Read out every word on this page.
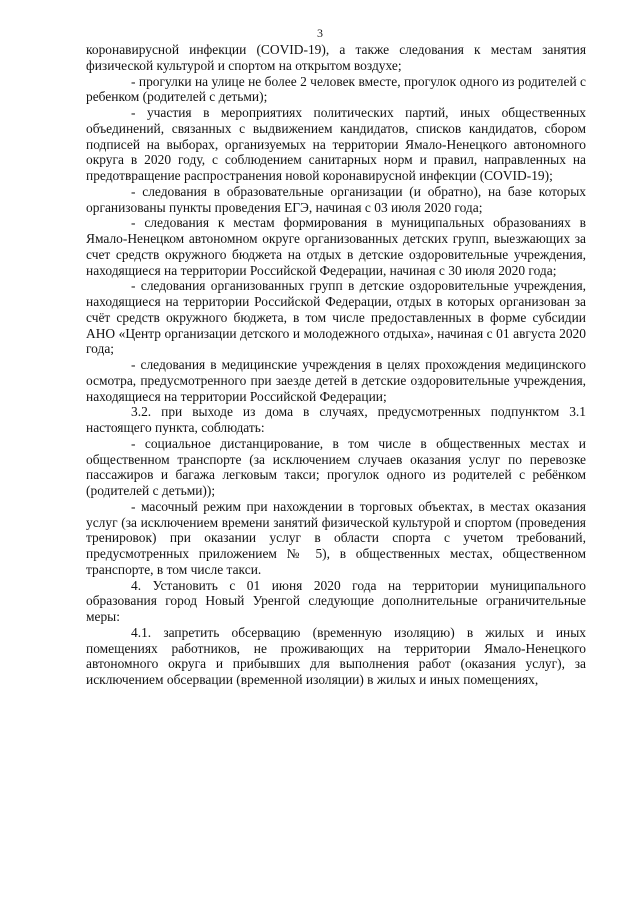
3

коронавирусной инфекции (COVID-19), а также следования к местам занятия физической культурой и спортом на открытом воздухе;

- прогулки на улице не более 2 человек вместе, прогулок одного из родителей с ребенком (родителей с детьми);

- участия в мероприятиях политических партий, иных общественных объединений, связанных с выдвижением кандидатов, списков кандидатов, сбором подписей на выборах, организуемых на территории Ямало-Ненецкого автономного округа в 2020 году, с соблюдением санитарных норм и правил, направленных на предотвращение распространения новой коронавирусной инфекции (COVID-19);

- следования в образовательные организации (и обратно), на базе которых организованы пункты проведения ЕГЭ, начиная с 03 июля 2020 года;

- следования к местам формирования в муниципальных образованиях в Ямало-Ненецком автономном округе организованных детских групп, выезжающих за счет средств окружного бюджета на отдых в детские оздоровительные учреждения, находящиеся на территории Российской Федерации, начиная с 30 июля 2020 года;

- следования организованных групп в детские оздоровительные учреждения, находящиеся на территории Российской Федерации, отдых в которых организован за счёт средств окружного бюджета, в том числе предоставленных в форме субсидии АНО «Центр организации детского и молодежного отдыха», начиная с 01 августа 2020 года;

- следования в медицинские учреждения в целях прохождения медицинского осмотра, предусмотренного при заезде детей в детские оздоровительные учреждения, находящиеся на территории Российской Федерации;

3.2. при выходе из дома в случаях, предусмотренных подпунктом 3.1 настоящего пункта, соблюдать:

- социальное дистанцирование, в том числе в общественных местах и общественном транспорте (за исключением случаев оказания услуг по перевозке пассажиров и багажа легковым такси; прогулок одного из родителей с ребёнком (родителей с детьми));

- масочный режим при нахождении в торговых объектах, в местах оказания услуг (за исключением времени занятий физической культурой и спортом (проведения тренировок) при оказании услуг в области спорта с учетом требований, предусмотренных приложением № 5), в общественных местах, общественном транспорте, в том числе такси.

4. Установить с 01 июня 2020 года на территории муниципального образования город Новый Уренгой следующие дополнительные ограничительные меры:

4.1. запретить обсервацию (временную изоляцию) в жилых и иных помещениях работников, не проживающих на территории Ямало-Ненецкого автономного округа и прибывших для выполнения работ (оказания услуг), за исключением обсервации (временной изоляции) в жилых и иных помещениях,
